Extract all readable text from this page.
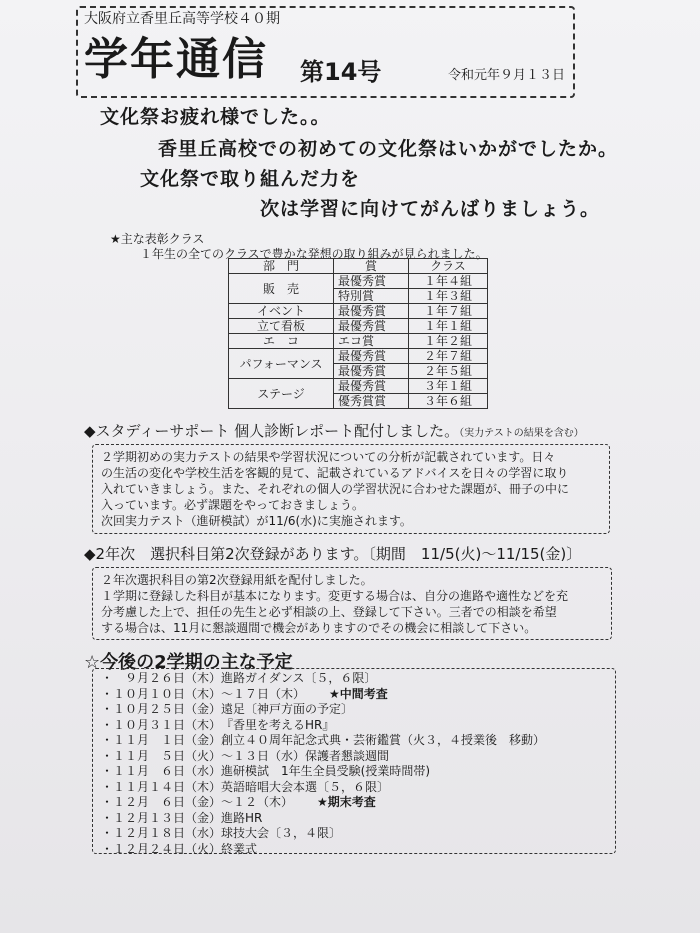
大阪府立香里丘高等学校４０期
学年通信 第14号	令和元年９月１３日
文化祭お疲れ様でした。。
香里丘高校での初めての文化祭はいかがでしたか。
文化祭で取り組んだ力を
次は学習に向けてがんばりましょう。
★主な表彰クラス
１年生の全てのクラスで豊かな発想の取り組みが見られました。
部　門	賞	クラス
販　売	最優秀賞	１年４組
	特別賞	１年３組
イベント	最優秀賞	１年７組
立て看板	最優秀賞	１年１組
エ　コ	エコ賞	１年２組
パフォーマンス	最優秀賞	２年７組
	最優秀賞	２年５組
ステージ	最優秀賞	３年１組
	優秀賞賞	３年６組
◆スタディーサポート 個人診断レポート配付しました。（実力テストの結果を含む）

２学期初めの実力テストの結果や学習状況についての分析が記載されています。日々

の生活の変化や学校生活を客観的見て、記載されているアドバイスを日々の学習に取り

入れていきましょう。また、それぞれの個人の学習状況に合わせた課題が、冊子の中に

入っています。必ず課題をやっておきましょう。

次回実力テスト（進研模試）が11/6(水)に実施されます。

◆2年次　選択科目第2次登録があります。〔期間　11/5(火)～11/15(金)〕

２年次選択科目の第2次登録用紙を配付しました。

１学期に登録した科目が基本になります。変更する場合は、自分の進路や適性などを充

分考慮した上で、担任の先生と必ず相談の上、登録して下さい。三者での相談を希望

する場合は、11月に懇談週間で機会がありますのでその機会に相談して下さい。

☆今後の2学期の主な予定
・　９月２６日（木） 進路ガイダンス〔５，６限〕
・１０月１０日（木）～１７日（木） ★中間考査
・１０月２５日（金） 遠足〔神戸方面の予定〕
・１０月３１日（木） 『香里を考えるHR』
・１１月　１日（金） 創立４０周年記念式典・芸術鑑賞（火３，４授業後　移動）
・１１月　５日（火）～１３日（水） 保護者懇談週間
・１１月　６日（水） 進研模試　1年生全員受験(授業時間帯)
・１１月１４日（木） 英語暗唱大会本選〔５，６限〕
・１２月　６日（金）～１２（木） ★期末考査
・１２月１３日（金） 進路HR
・１２月１８日（水） 球技大会〔３，４限〕
・１２月２４日（火） 終業式
